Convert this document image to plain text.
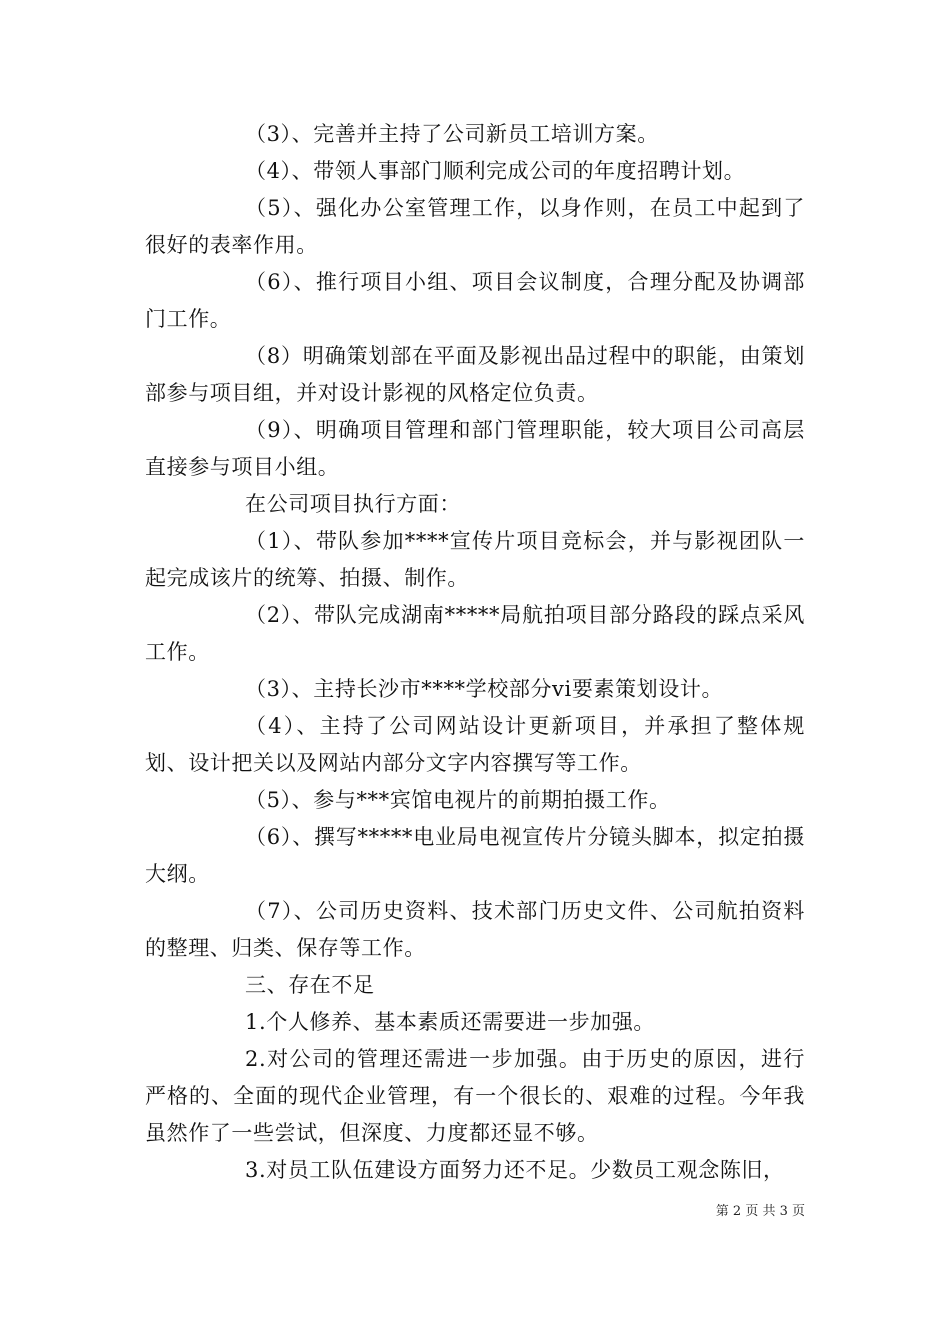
（3）、完善并主持了公司新员工培训方案。

（4）、带领人事部门顺利完成公司的年度招聘计划。

（5）、强化办公室管理工作，以身作则，在员工中起到了很好的表率作用。

（6）、推行项目小组、项目会议制度，合理分配及协调部门工作。

（8）明确策划部在平面及影视出品过程中的职能，由策划部参与项目组，并对设计影视的风格定位负责。

（9）、明确项目管理和部门管理职能，较大项目公司高层直接参与项目小组。

在公司项目执行方面：

（1）、带队参加****宣传片项目竞标会，并与影视团队一起完成该片的统筹、拍摄、制作。

（2）、带队完成湖南*****局航拍项目部分路段的踩点采风工作。

（3）、主持长沙市****学校部分vi要素策划设计。

（4）、主持了公司网站设计更新项目，并承担了整体规划、设计把关以及网站内部分文字内容撰写等工作。

（5）、参与***宾馆电视片的前期拍摄工作。

（6）、撰写*****电业局电视宣传片分镜头脚本，拟定拍摄大纲。

（7）、公司历史资料、技术部门历史文件、公司航拍资料的整理、归类、保存等工作。

三、存在不足

1.个人修养、基本素质还需要进一步加强。

2.对公司的管理还需进一步加强。由于历史的原因，进行严格的、全面的现代企业管理，有一个很长的、艰难的过程。今年我虽然作了一些尝试，但深度、力度都还显不够。

3.对员工队伍建设方面努力还不足。少数员工观念陈旧，

第 2 页 共 3 页
